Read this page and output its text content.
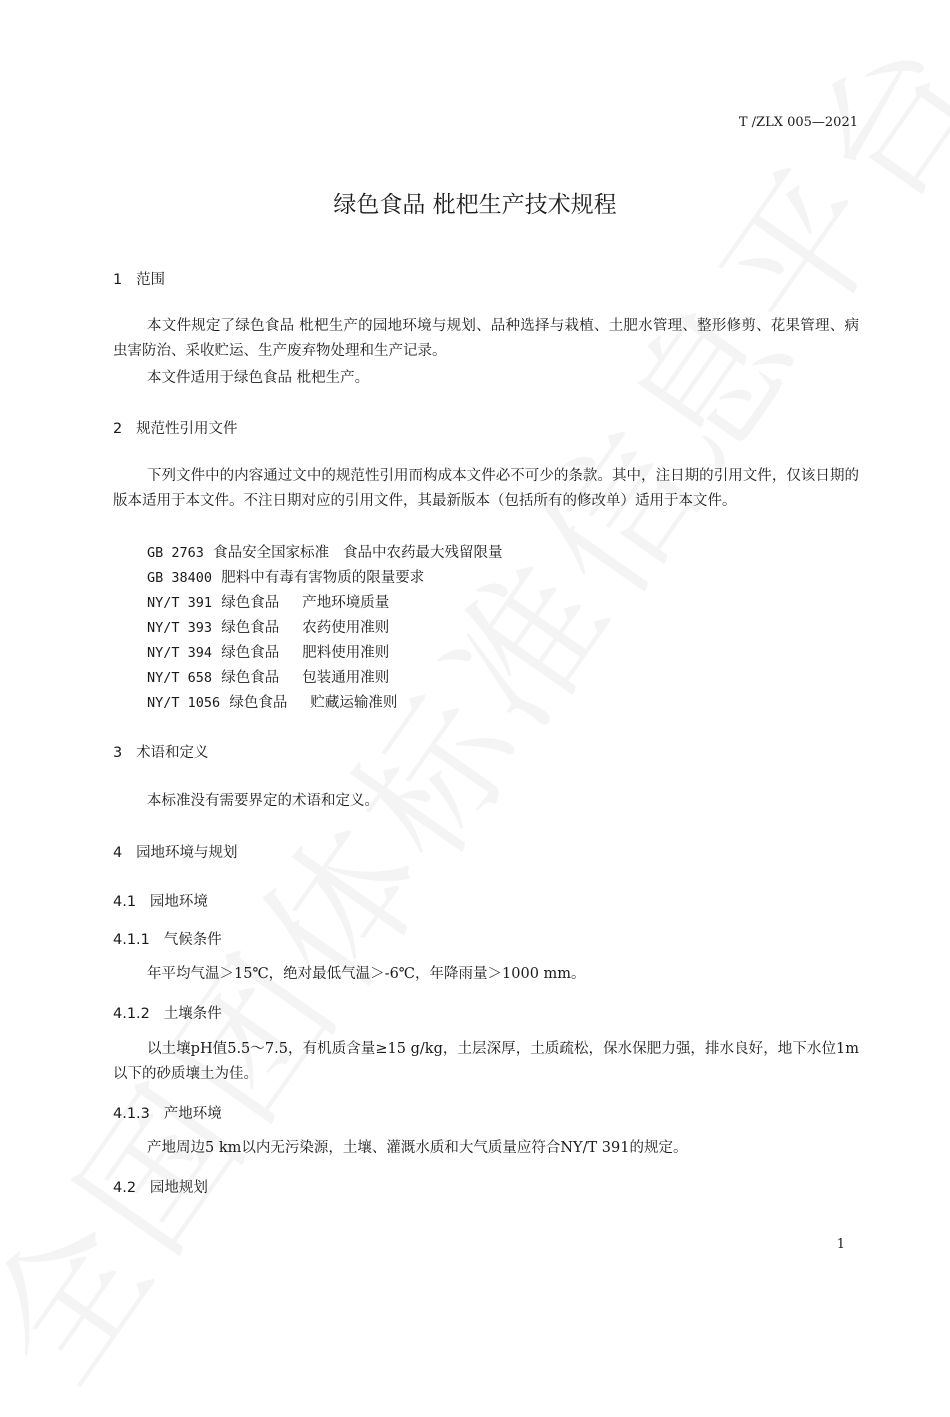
T /ZLX 005—2021
绿色食品 枇杷生产技术规程
1 范围
本文件规定了绿色食品 枇杷生产的园地环境与规划、品种选择与栽植、土肥水管理、整形修剪、花果管理、病虫害防治、采收贮运、生产废弃物处理和生产记录。
本文件适用于绿色食品 枇杷生产。
2 规范性引用文件
下列文件中的内容通过文中的规范性引用而构成本文件必不可少的条款。其中，注日期的引用文件，仅该日期的版本适用于本文件。不注日期对应的引用文件，其最新版本（包括所有的修改单）适用于本文件。
GB 2763 食品安全国家标准   食品中农药最大残留限量
GB 38400 肥料中有毒有害物质的限量要求
NY/T 391 绿色食品     产地环境质量
NY/T 393 绿色食品     农药使用准则
NY/T 394 绿色食品     肥料使用准则
NY/T 658 绿色食品     包装通用准则
NY/T 1056 绿色食品     贮藏运输准则
3 术语和定义
本标准没有需要界定的术语和定义。
4 园地环境与规划
4.1 园地环境
4.1.1 气候条件
年平均气温＞15℃，绝对最低气温＞-6℃，年降雨量＞1000 mm。
4.1.2 土壤条件
以土壤pH值5.5～7.5，有机质含量≥15 g/kg，土层深厚，土质疏松，保水保肥力强，排水良好，地下水位1m以下的砂质壤土为佳。
4.1.3 产地环境
产地周边5 km以内无污染源，土壤、灌溉水质和大气质量应符合NY/T 391的规定。
4.2 园地规划
1
